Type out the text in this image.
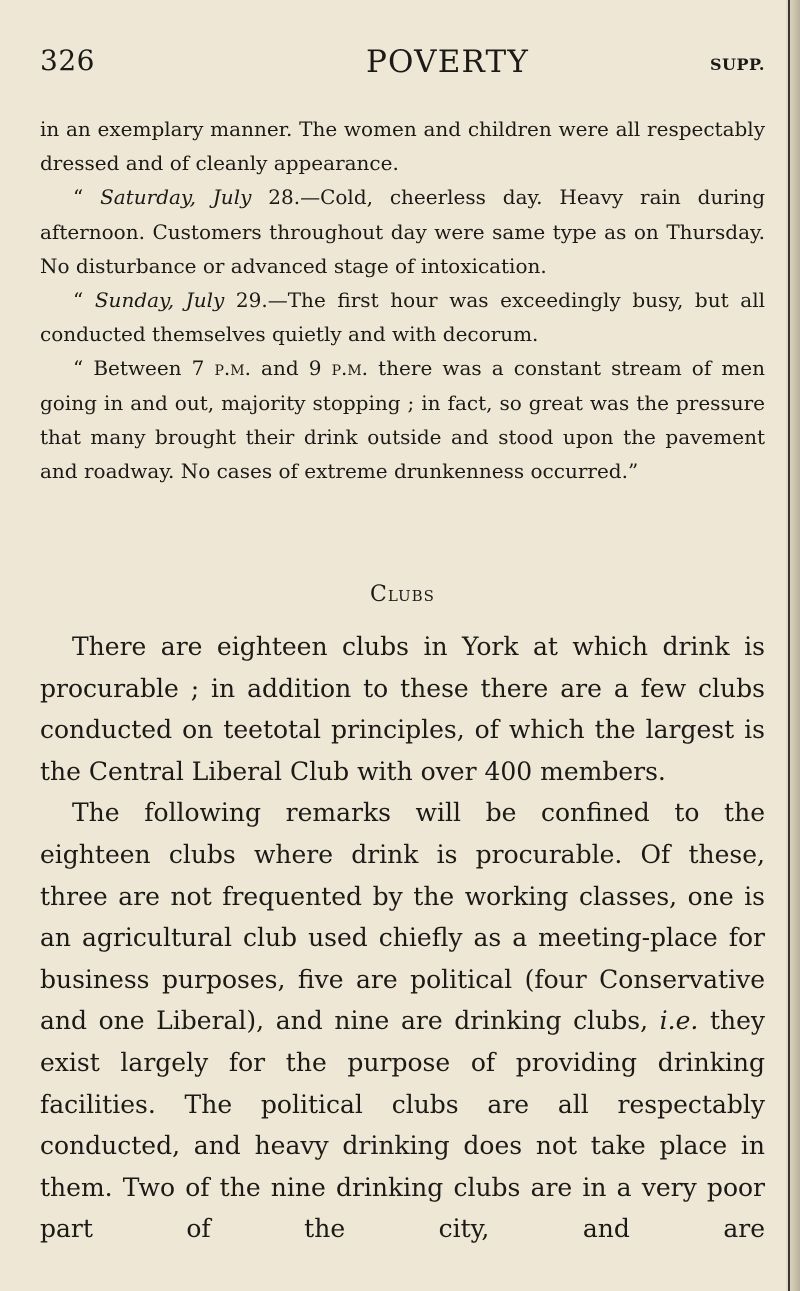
326	POVERTY	SUPP.

in an exemplary manner. The women and children were all respectably dressed and of cleanly appearance.

“ Saturday, July 28.—Cold, cheerless day. Heavy rain during afternoon. Customers throughout day were same type as on Thursday. No disturbance or advanced stage of intoxication.

“ Sunday, July 29.—The first hour was exceedingly busy, but all conducted themselves quietly and with decorum.

“ Between 7 p.m. and 9 p.m. there was a constant stream of men going in and out, majority stopping ; in fact, so great was the pressure that many brought their drink outside and stood upon the pavement and roadway. No cases of extreme drunkenness occurred.”

Clubs

There are eighteen clubs in York at which drink is procurable ; in addition to these there are a few clubs conducted on teetotal principles, of which the largest is the Central Liberal Club with over 400 members.

The following remarks will be confined to the eighteen clubs where drink is procurable. Of these, three are not frequented by the working classes, one is an agricultural club used chiefly as a meeting-place for business purposes, five are political (four Conservative and one Liberal), and nine are drinking clubs, i.e. they exist largely for the purpose of providing drinking facilities. The political clubs are all respectably conducted, and heavy drinking does not take place in them. Two of the nine drinking clubs are in a very poor part of the city, and are
